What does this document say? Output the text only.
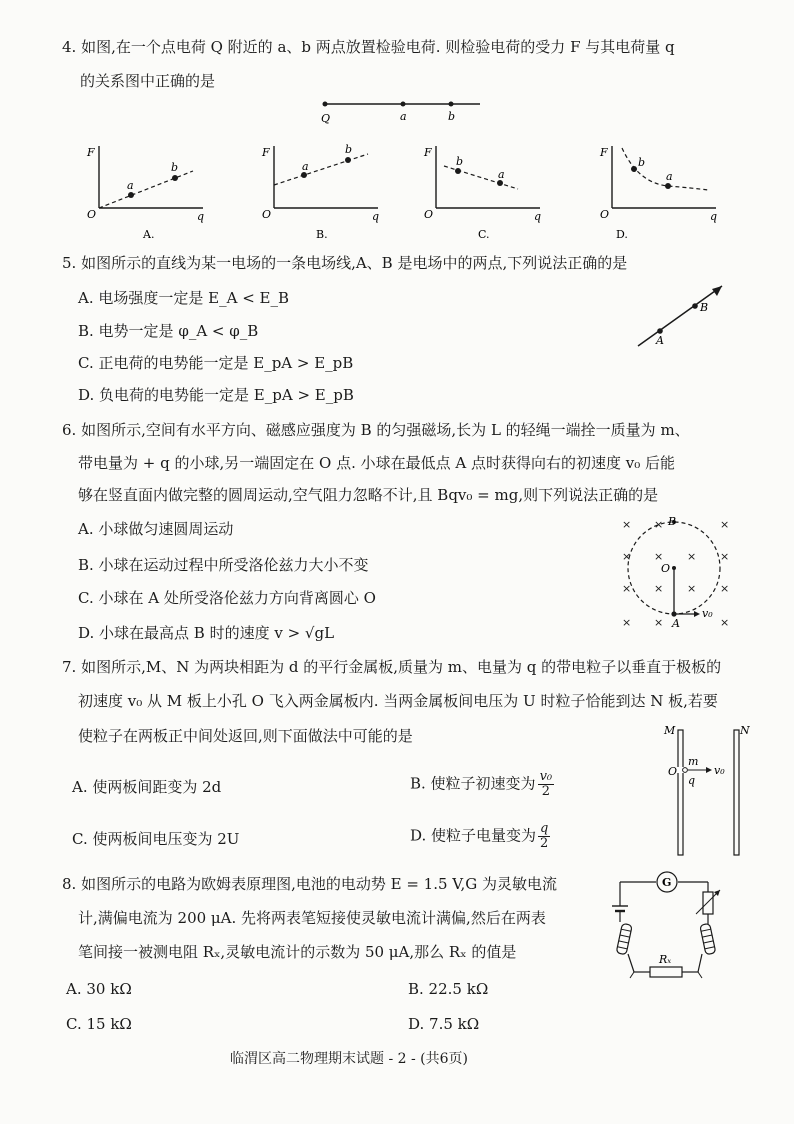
4. 如图,在一个点电荷 Q 附近的 a、b 两点放置检验电荷. 则检验电荷的受力 F 与其电荷量 q
的关系图中正确的是
Q	a	b
F
O	q
a
b
A.
F
O	q
a
b
B.
F
O	q
b
a
C.
F
O	q
b
a
D.
5. 如图所示的直线为某一电场的一条电场线,A、B 是电场中的两点,下列说法正确的是
A. 电场强度一定是 E_A < E_B
B. 电势一定是 φ_A < φ_B
C. 正电荷的电势能一定是 E_pA > E_pB
D. 负电荷的电势能一定是 E_pA > E_pB
A
B
6. 如图所示,空间有水平方向、磁感应强度为 B 的匀强磁场,长为 L 的轻绳一端拴一质量为 m、
带电量为 + q 的小球,另一端固定在 O 点. 小球在最低点 A 点时获得向右的初速度 v₀ 后能
够在竖直面内做完整的圆周运动,空气阻力忽略不计,且 Bqv₀ = mg,则下列说法正确的是
A. 小球做匀速圆周运动
B. 小球在运动过程中所受洛伦兹力大小不变
C. 小球在 A 处所受洛伦兹力方向背离圆心 O
D. 小球在最高点 B 时的速度 v > √gL
× ×	×
× × × ×
× × × ×
× ×	×
B
O
A
v₀
7. 如图所示,M、N 为两块相距为 d 的平行金属板,质量为 m、电量为 q 的带电粒子以垂直于极板的
初速度 v₀ 从 M 板上小孔 O 飞入两金属板内. 当两金属板间电压为 U 时粒子恰能到达 N 板,若要
使粒子在两板正中间处返回,则下面做法中可能的是
A. 使两板间距变为 2d	B. 使粒子初速变为 $\frac{\text{v₀}}{2}$
C. 使两板间电压变为 2U	D. 使粒子电量变为 $\frac{q}{2}$
M	N
O
m
q
v₀
8. 如图所示的电路为欧姆表原理图,电池的电动势 E = 1.5 V,G 为灵敏电流
计,满偏电流为 200 μA. 先将两表笔短接使灵敏电流计满偏,然后在两表
笔间接一被测电阻 Rₓ,灵敏电流计的示数为 50 μA,那么 Rₓ 的值是
A. 30 kΩ	B. 22.5 kΩ
C. 15 kΩ	D. 7.5 kΩ
G
Rₓ
临渭区高二物理期末试题 - 2 - (共6页)
